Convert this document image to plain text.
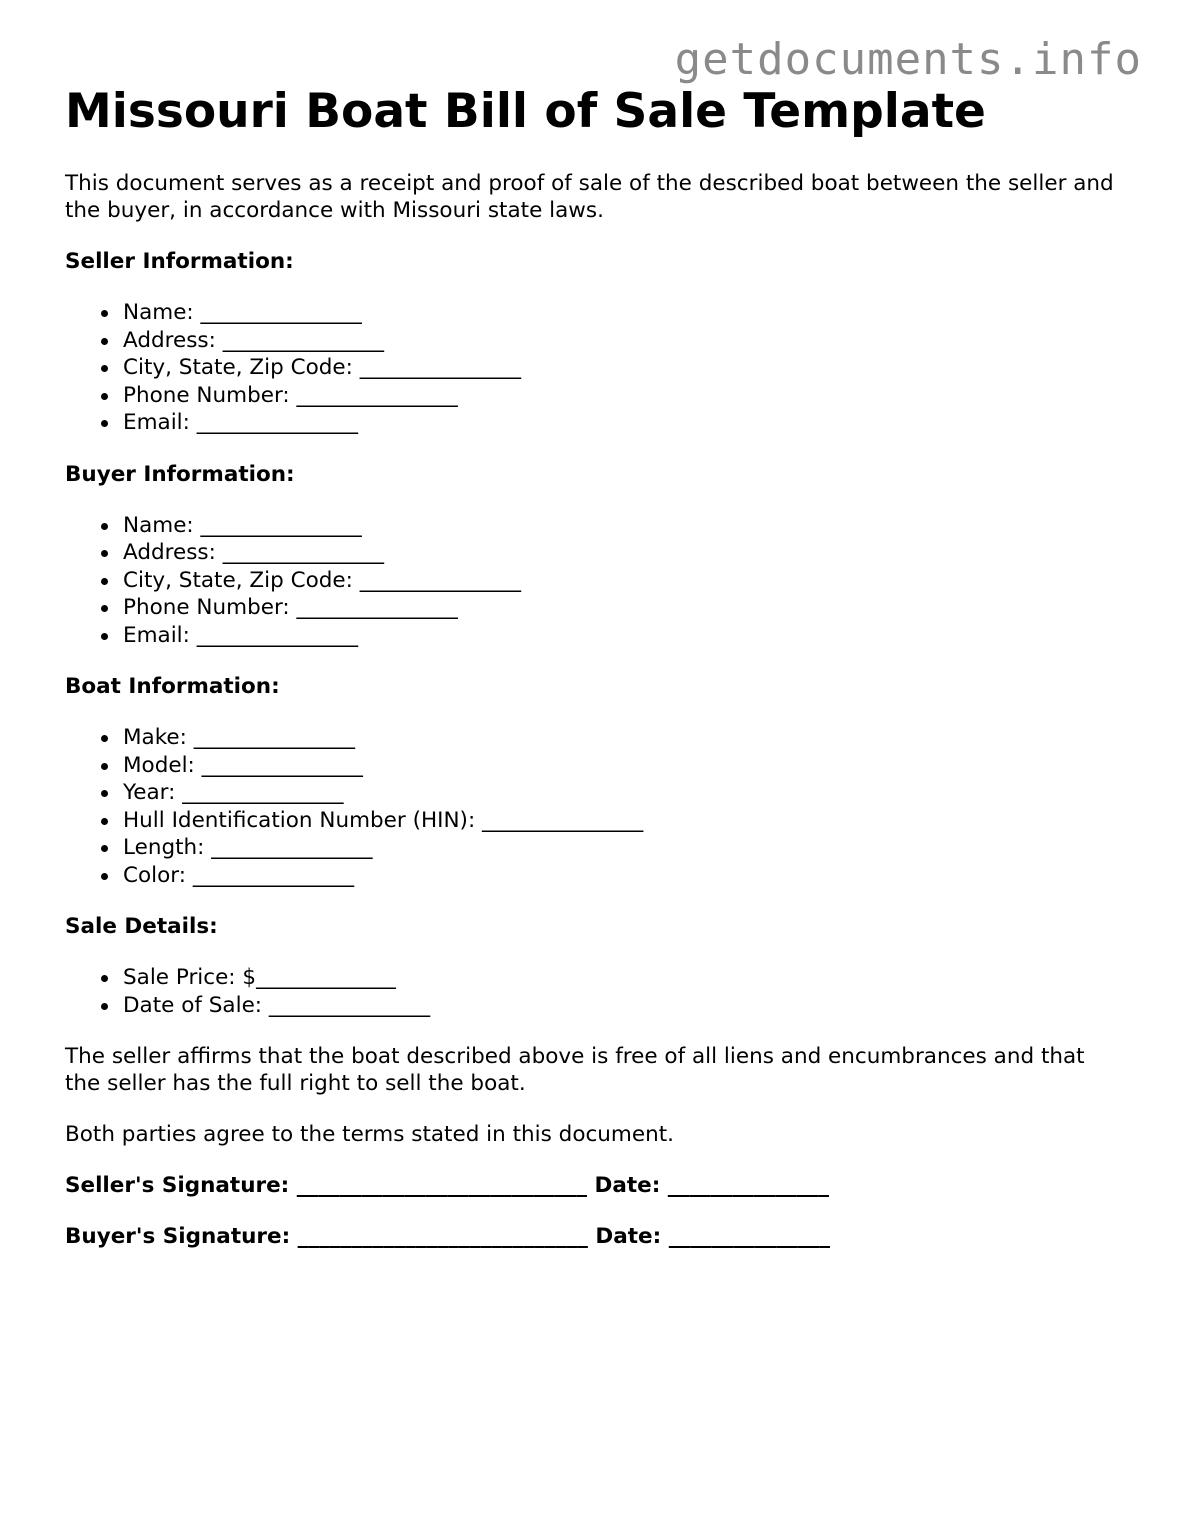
getdocuments.info
Missouri Boat Bill of Sale Template

This document serves as a receipt and proof of sale of the described boat between the seller and the buyer, in accordance with Missouri state laws.

Seller Information:
Name: _______________
Address: _______________
City, State, Zip Code: _______________
Phone Number: _______________
Email: _______________
Buyer Information:
Name: _______________
Address: _______________
City, State, Zip Code: _______________
Phone Number: _______________
Email: _______________
Boat Information:
Make: _______________
Model: _______________
Year: _______________
Hull Identification Number (HIN): _______________
Length: _______________
Color: _______________
Sale Details:
Sale Price: $_____________
Date of Sale: _______________

The seller affirms that the boat described above is free of all liens and encumbrances and that the seller has the full right to sell the boat.

Both parties agree to the terms stated in this document.

Seller's Signature: ___________________________ Date: _______________
Buyer's Signature: ___________________________ Date: _______________
